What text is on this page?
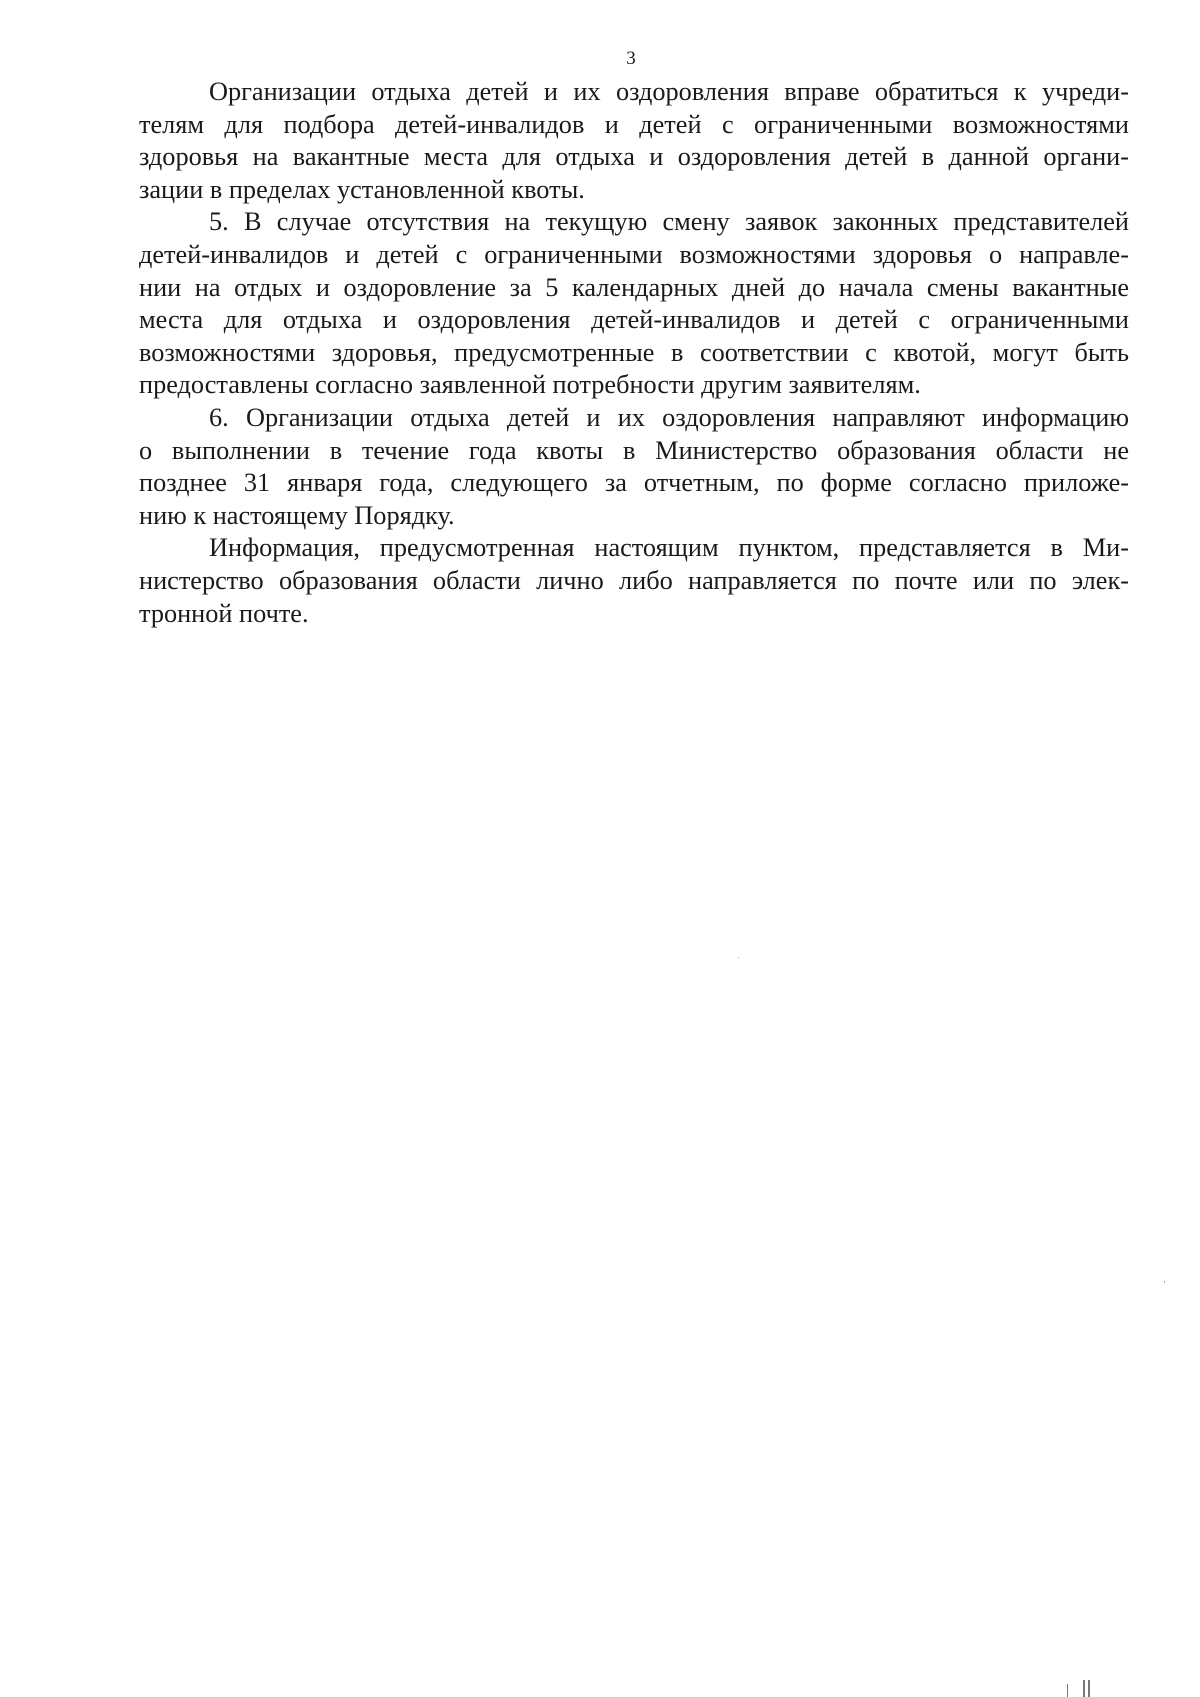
3

Организации отдыха детей и их оздоровления вправе обратиться к учреди-
телям для подбора детей-инвалидов и детей с ограниченными возможностями
здоровья на вакантные места для отдыха и оздоровления детей в данной органи-
зации в пределах установленной квоты.

5. В случае отсутствия на текущую смену заявок законных представителей
детей-инвалидов и детей с ограниченными возможностями здоровья о направле-
нии на отдых и оздоровление за 5 календарных дней до начала смены вакантные
места для отдыха и оздоровления детей-инвалидов и детей с ограниченными
возможностями здоровья, предусмотренные в соответствии с квотой, могут быть
предоставлены согласно заявленной потребности другим заявителям.

6. Организации отдыха детей и их оздоровления направляют информацию
о выполнении в течение года квоты в Министерство образования области не
позднее 31 января года, следующего за отчетным, по форме согласно приложе-
нию к настоящему Порядку.

Информация, предусмотренная настоящим пунктом, представляется в Ми-
нистерство образования области лично либо направляется по почте или по элек-
тронной почте.
